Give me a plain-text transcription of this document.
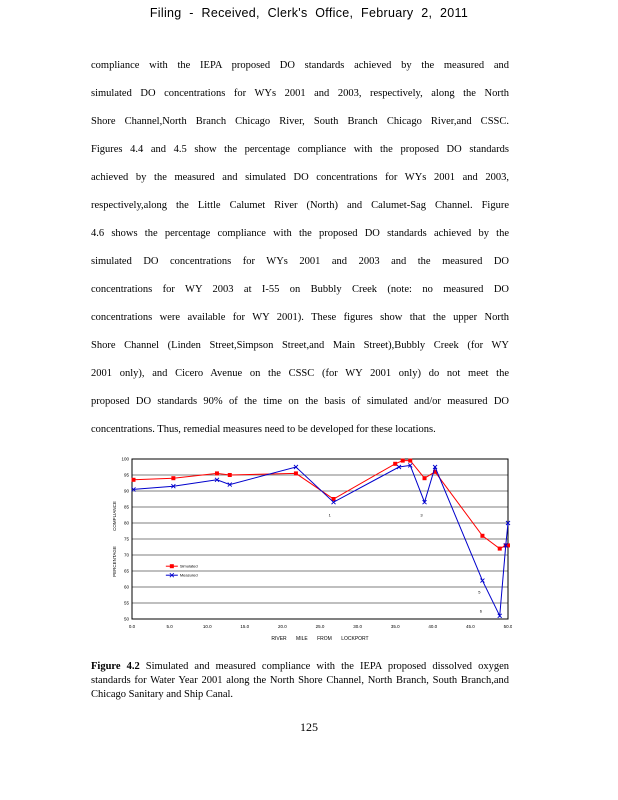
Filing - Received, Clerk's Office, February 2, 2011
compliance with the IEPA proposed DO standards achieved by the measured and
simulated DO concentrations for WYs 2001 and 2003, respectively, along the North
Shore Channel,North Branch Chicago River, South Branch Chicago River,and CSSC.
Figures 4.4 and 4.5 show the percentage compliance with the proposed DO standards
achieved by the measured and simulated DO concentrations for WYs 2001 and 2003,
respectively,along the Little Calumet River (North) and Calumet-Sag Channel. Figure
4.6 shows the percentage compliance with the proposed DO standards achieved by the
simulated DO concentrations for WYs 2001 and 2003 and the measured DO
concentrations for WY 2003 at I-55 on Bubbly Creek (note: no measured DO
concentrations were available for WY 2001). These figures show that the upper North
Shore Channel (Linden Street,Simpson Street,and Main Street),Bubbly Creek (for WY
2001 only), and Cicero Avenue on the CSSC (for WY 2001 only) do not meet the
proposed DO standards 90% of the time on the basis of simulated and/or measured DO
concentrations. Thus, remedial measures need to be developed for these locations.
50
55
60
65
70
75
80
85
90
95
100
0.0	5.0	10.0	15.0	20.0	25.0	30.0	35.0	40.0	45.0	50.0
PERCENTAGE COMPLIANCE
RIVER MILE FROM LOCKPORT
1	3
5
6
Simulated
Measured
Figure 4.2 Simulated and measured compliance with the IEPA proposed dissolved oxygen standards for Water Year 2001 along the North Shore Channel, North Branch, South Branch,and Chicago Sanitary and Ship Canal.
125
